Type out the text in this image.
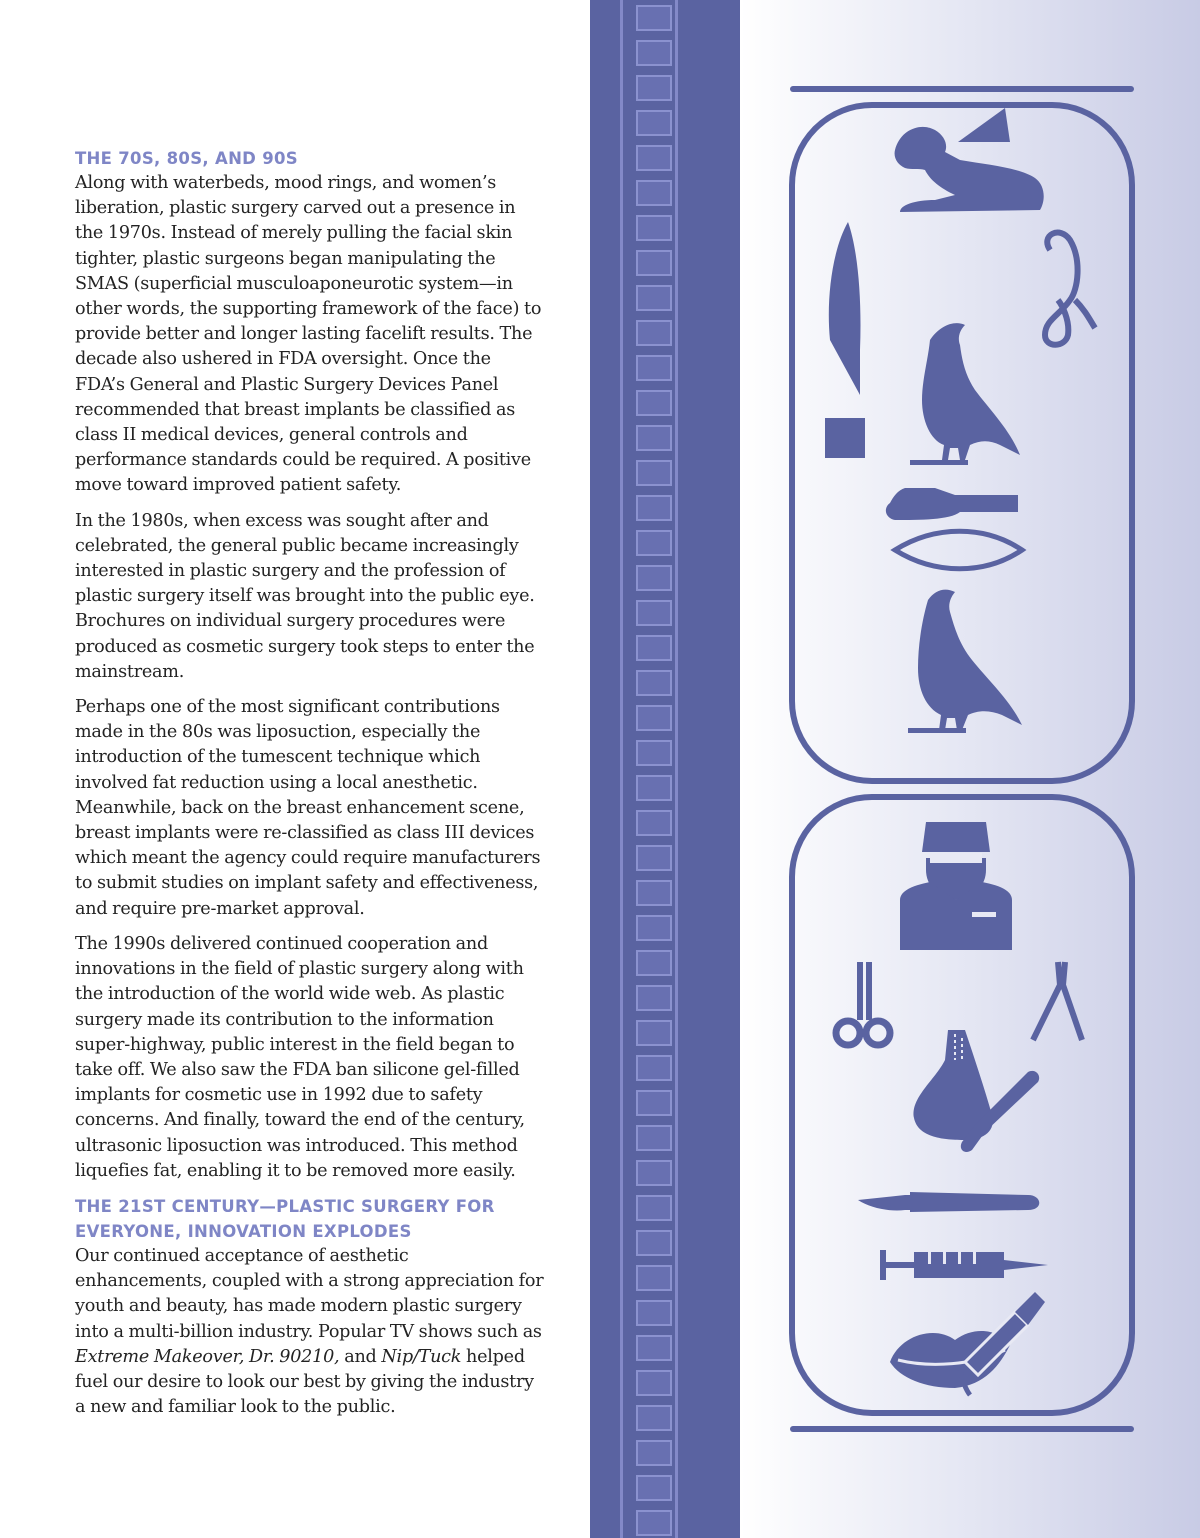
THE 70S, 80S, AND 90S

Along with waterbeds, mood rings, and women’s liberation, plastic surgery carved out a presence in the 1970s. Instead of merely pulling the facial skin tighter, plastic surgeons began manipulating the SMAS (superficial musculoaponeurotic system—in other words, the supporting framework of the face) to provide better and longer lasting facelift results. The decade also ushered in FDA oversight. Once the FDA’s General and Plastic Surgery Devices Panel recommended that breast implants be classified as class II medical devices, general controls and performance standards could be required. A positive move toward improved patient safety.

In the 1980s, when excess was sought after and celebrated, the general public became increasingly interested in plastic surgery and the profession of plastic surgery itself was brought into the public eye. Brochures on individual surgery procedures were produced as cosmetic surgery took steps to enter the mainstream.

Perhaps one of the most significant contributions made in the 80s was liposuction, especially the introduction of the tumescent technique which involved fat reduction using a local anesthetic. Meanwhile, back on the breast enhancement scene, breast implants were re-classified as class III devices which meant the agency could require manufacturers to submit studies on implant safety and effectiveness, and require pre-market approval.

The 1990s delivered continued cooperation and innovations in the field of plastic surgery along with the introduction of the world wide web. As plastic surgery made its contribution to the information super-highway, public interest in the field began to take off. We also saw the FDA ban silicone gel-filled implants for cosmetic use in 1992 due to safety concerns. And finally, toward the end of the century, ultrasonic liposuction was introduced. This method liquefies fat, enabling it to be removed more easily.

THE 21ST CENTURY—PLASTIC SURGERY FOR
EVERYONE, INNOVATION EXPLODES

Our continued acceptance of aesthetic enhancements, coupled with a strong appreciation for youth and beauty, has made modern plastic surgery into a multi-billion industry. Popular TV shows such as Extreme Makeover, Dr. 90210, and Nip/Tuck helped fuel our desire to look our best by giving the industry a new and familiar look to the public.
